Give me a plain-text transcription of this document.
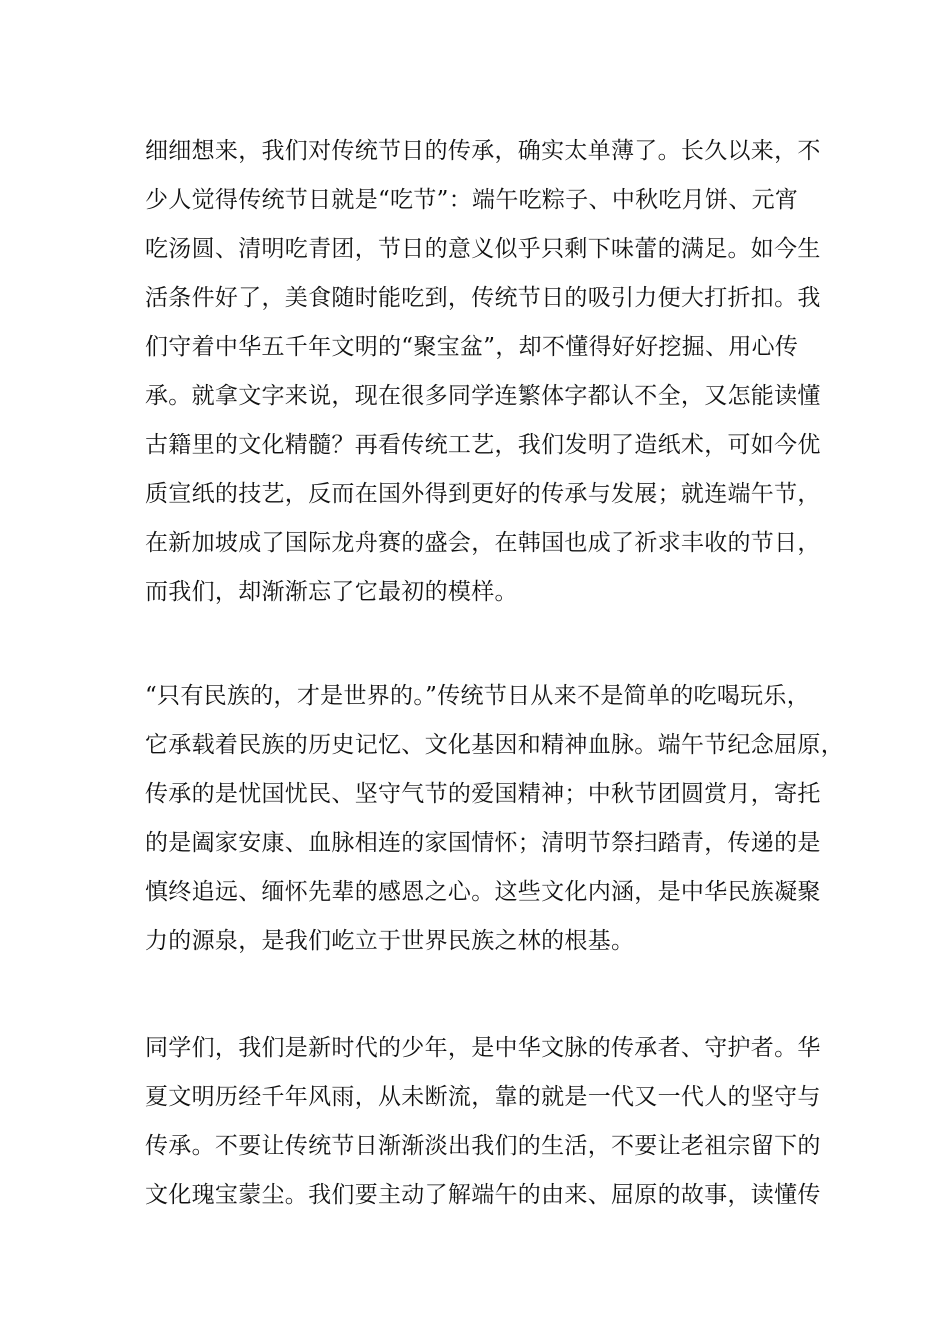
细细想来，我们对传统节日的传承，确实太单薄了。长久以来，不
少人觉得传统节日就是“吃节”：端午吃粽子、中秋吃月饼、元宵
吃汤圆、清明吃青团，节日的意义似乎只剩下味蕾的满足。如今生
活条件好了，美食随时能吃到，传统节日的吸引力便大打折扣。我
们守着中华五千年文明的“聚宝盆”，却不懂得好好挖掘、用心传
承。就拿文字来说，现在很多同学连繁体字都认不全，又怎能读懂
古籍里的文化精髓？再看传统工艺，我们发明了造纸术，可如今优
质宣纸的技艺，反而在国外得到更好的传承与发展；就连端午节，
在新加坡成了国际龙舟赛的盛会，在韩国也成了祈求丰收的节日，
而我们，却渐渐忘了它最初的模样。
“只有民族的，才是世界的。”传统节日从来不是简单的吃喝玩乐，
它承载着民族的历史记忆、文化基因和精神血脉。端午节纪念屈原，
传承的是忧国忧民、坚守气节的爱国精神；中秋节团圆赏月，寄托
的是阖家安康、血脉相连的家国情怀；清明节祭扫踏青，传递的是
慎终追远、缅怀先辈的感恩之心。这些文化内涵，是中华民族凝聚
力的源泉，是我们屹立于世界民族之林的根基。
同学们，我们是新时代的少年，是中华文脉的传承者、守护者。华
夏文明历经千年风雨，从未断流，靠的就是一代又一代人的坚守与
传承。不要让传统节日渐渐淡出我们的生活，不要让老祖宗留下的
文化瑰宝蒙尘。我们要主动了解端午的由来、屈原的故事，读懂传
